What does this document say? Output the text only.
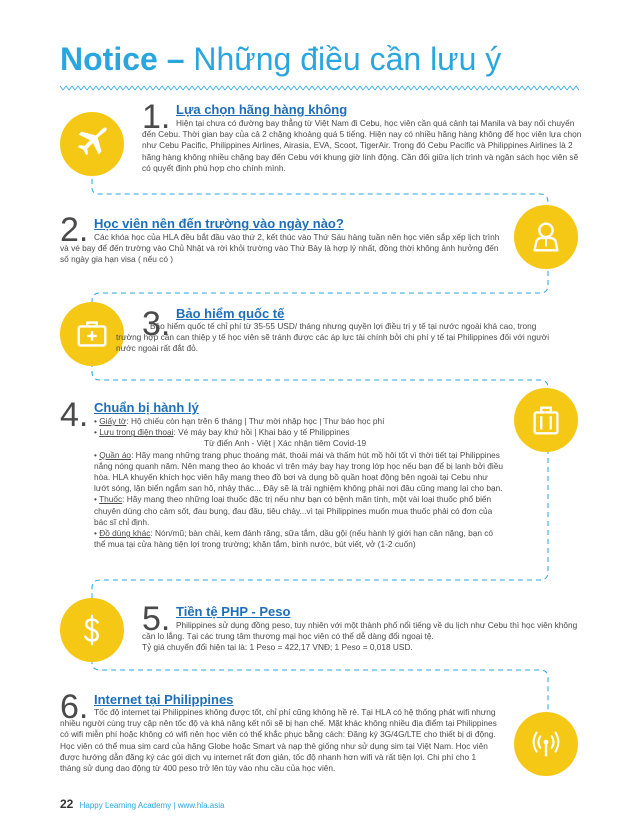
Notice – Những điều cần lưu ý
1. Lựa chọn hãng hàng không
Hiện tại chưa có đường bay thẳng từ Việt Nam đi Cebu, học viên cần quá cảnh tại Manila và bay nối chuyến đến Cebu. Thời gian bay của cả 2 chặng khoảng quá 5 tiếng. Hiện nay có nhiều hãng hàng không để học viên lựa chọn như Cebu Pacific, Philippines Airlines, Airasia, EVA, Scoot, TigerAir. Trong đó Cebu Pacific và Philippines Airlines là 2 hãng hàng không nhiều chặng bay đến Cebu với khung giờ linh động. Cần đối giữa lịch trình và ngân sách học viên sẽ có quyết định phù hợp cho chính mình.
2. Học viên nên đến trường vào ngày nào?
Các khóa học của HLA đều bắt đầu vào thứ 2, kết thúc vào Thứ Sáu hàng tuần nên học viên sắp xếp lịch trình và vé bay để đến trường vào Chủ Nhật và rời khỏi trường vào Thứ Bảy là hợp lý nhất, đồng thời không ảnh hưởng đến số ngày gia hạn visa ( nếu có )
3. Bảo hiểm quốc tế
Bảo hiểm quốc tế chỉ phí từ 35-55 USD/ tháng nhưng quyền lợi điều trị y tế tại nước ngoài khá cao, trong trường hợp cần can thiệp y tế học viên sẽ tránh được các áp lực tài chính bởi chi phí y tế tại Philippines đối với người nước ngoài rất đắt đỏ.
4. Chuẩn bị hành lý

• Giấy tờ: Hộ chiếu còn hạn trên 6 tháng | Thư mời nhập học | Thư báo học phí

• Lưu trong điện thoại: Vé máy bay khứ hồi | Khai báo y tế Philippines

Từ điển Anh - Việt | Xác nhận tiêm Covid-19

• Quần áo: Hãy mang những trang phục thoáng mát, thoải mái và thấm hút mồ hôi tốt vì thời tiết tại Philippines nắng nóng quanh năm. Nên mang theo áo khoác vì trên máy bay hay trong lớp học nếu bạn để bị lạnh bởi điều hòa. HLA khuyến khích học viên hãy mang theo đồ bơi và dụng bồ quần hoạt động bên ngoài tại Cebu như lướt sóng, lặn biển ngắm san hô, nhảy thác... Đây sẽ là trải nghiệm không phải nơi đâu cũng mang lại cho bạn.

• Thuốc: Hãy mang theo những loại thuốc đặc trị nếu như bạn có bệnh mãn tính, một vài loại thuốc phổ biến chuyên dùng cho cảm sốt, đau bụng, đau đầu, tiêu chảy...vì tại Philippines muốn mua thuốc phải có đơn của bác sĩ chỉ định.

• Đồ dùng khác: Nón/mũ; bàn chải, kem đánh răng, sữa tắm, dầu gội (nếu hành lý giới hạn cân nặng, bạn có thể mua tại cửa hàng tiện lợi trong trường; khăn tắm, bình nước, bút viết, vở (1-2 cuốn)

5. Tiền tệ PHP - Peso

Philippines sử dụng đồng peso, tuy nhiên với một thành phố nổi tiếng về du lịch như Cebu thì học viên không cần lo lắng. Tại các trung tâm thương mại học viên có thể dễ dàng đổi ngoại tệ.

Tỷ giá chuyển đổi hiện tại là: 1 Peso = 422,17 VNĐ; 1 Peso = 0,018 USD.

6. Internet tại Philippines
Tốc độ internet tại Philippines không được tốt, chỉ phí cũng không hề rẻ. Tại HLA có hệ thống phát wifi nhưng nhiều người cùng truy cập nên tốc độ và khả năng kết nối sẽ bị hạn chế. Mặt khác không nhiều địa điểm tại Philippines có wifi miễn phí hoặc không có wifi nên học viên có thể khắc phục bằng cách: Đăng ký 3G/4G/LTE cho thiết bị di động. Học viên có thể mua sim card của hãng Globe hoặc Smart và nạp thẻ giống như sử dụng sim tại Việt Nam. Học viên được hướng dẫn đăng ký các gói dịch vụ internet rất đơn giản, tốc độ nhanh hơn wifi và rất tiện lợi. Chi phí cho 1 tháng sử dụng dao động từ 400 peso trở lên tùy vào nhu cầu của học viên.
22 Happy Learning Academy | www.hla.asia
